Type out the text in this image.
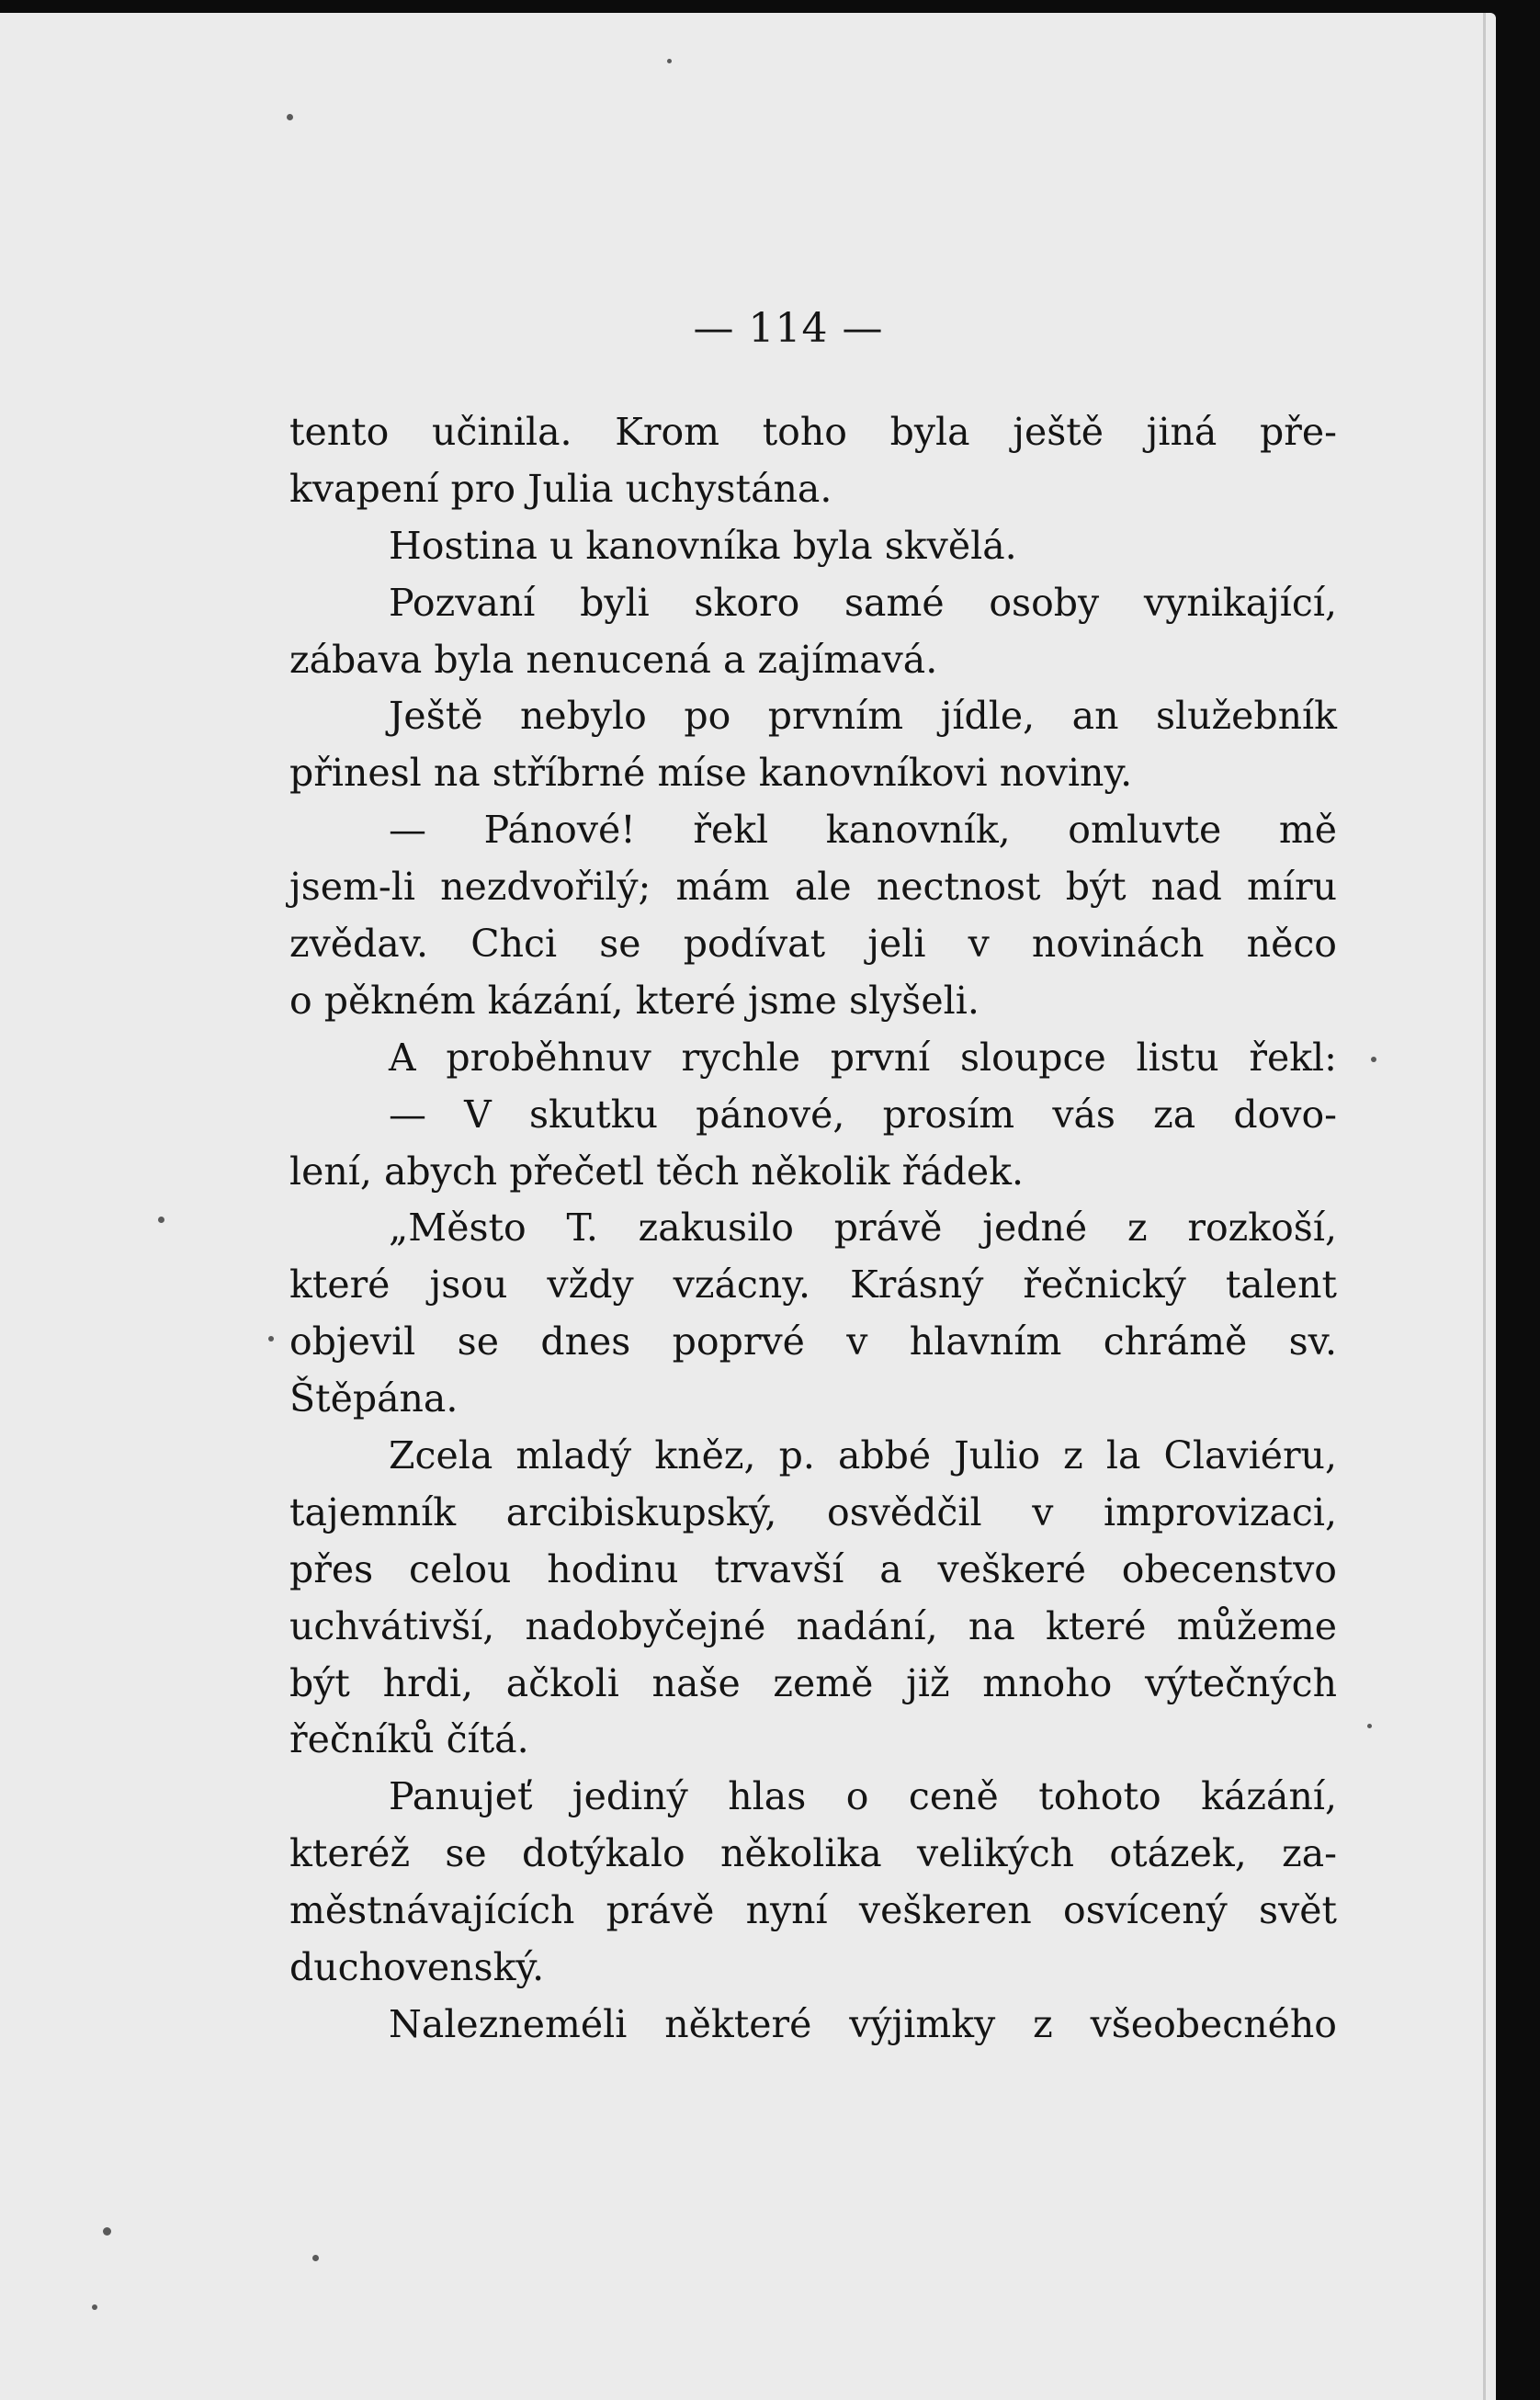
— 114 —
tento učinila. Krom toho byla ještě jiná pře-
kvapení pro Julia uchystána.
Hostina u kanovníka byla skvělá.
Pozvaní byli skoro samé osoby vynikající,
zábava byla nenucená a zajímavá.
Ještě nebylo po prvním jídle, an služebník
přinesl na stříbrné míse kanovníkovi noviny.
— Pánové! řekl kanovník, omluvte mě
jsem-li nezdvořilý; mám ale nectnost být nad míru
zvědav. Chci se podívat jeli v novinách něco
o pěkném kázání, které jsme slyšeli.
A proběhnuv rychle první sloupce listu řekl:
— V skutku pánové, prosím vás za dovo-
lení, abych přečetl těch několik řádek.
„Město T. zakusilo právě jedné z rozkoší,
které jsou vždy vzácny. Krásný řečnický talent
objevil se dnes poprvé v hlavním chrámě sv.
Štěpána.
Zcela mladý kněz, p. abbé Julio z la Claviéru,
tajemník arcibiskupský, osvědčil v improvizaci,
přes celou hodinu trvavší a veškeré obecenstvo
uchvátivší, nadobyčejné nadání, na které můžeme
být hrdi, ačkoli naše země již mnoho výtečných
řečníků čítá.
Panujeť jediný hlas o ceně tohoto kázání,
kteréž se dotýkalo několika velikých otázek, za-
městnávajících právě nyní veškeren osvícený svět
duchovenský.
Nalezneméli některé výjimky z všeobecného
